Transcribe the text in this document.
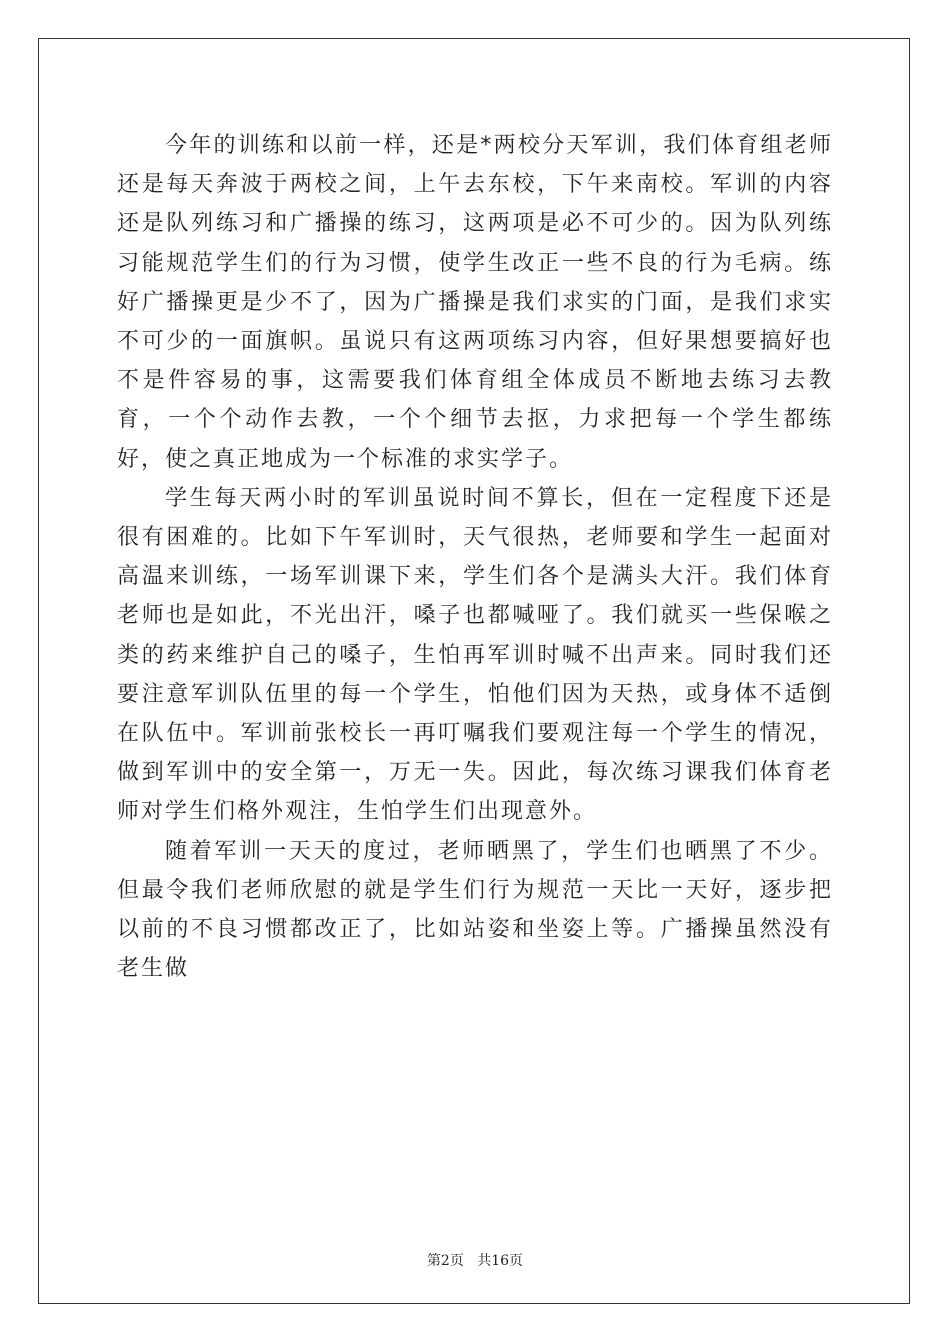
今年的训练和以前一样，还是*两校分天军训，我们体育组老师还是每天奔波于两校之间，上午去东校，下午来南校。军训的内容还是队列练习和广播操的练习，这两项是必不可少的。因为队列练习能规范学生们的行为习惯，使学生改正一些不良的行为毛病。练好广播操更是少不了，因为广播操是我们求实的门面，是我们求实不可少的一面旗帜。虽说只有这两项练习内容，但好果想要搞好也不是件容易的事，这需要我们体育组全体成员不断地去练习去教育，一个个动作去教，一个个细节去抠，力求把每一个学生都练好，使之真正地成为一个标准的求实学子。

学生每天两小时的军训虽说时间不算长，但在一定程度下还是很有困难的。比如下午军训时，天气很热，老师要和学生一起面对高温来训练，一场军训课下来，学生们各个是满头大汗。我们体育老师也是如此，不光出汗，嗓子也都喊哑了。我们就买一些保喉之类的药来维护自己的嗓子，生怕再军训时喊不出声来。同时我们还要注意军训队伍里的每一个学生，怕他们因为天热，或身体不适倒在队伍中。军训前张校长一再叮嘱我们要观注每一个学生的情况，做到军训中的安全第一，万无一失。因此，每次练习课我们体育老师对学生们格外观注，生怕学生们出现意外。

随着军训一天天的度过，老师晒黑了，学生们也晒黑了不少。但最令我们老师欣慰的就是学生们行为规范一天比一天好，逐步把以前的不良习惯都改正了，比如站姿和坐姿上等。广播操虽然没有老生做

第2页 共16页
